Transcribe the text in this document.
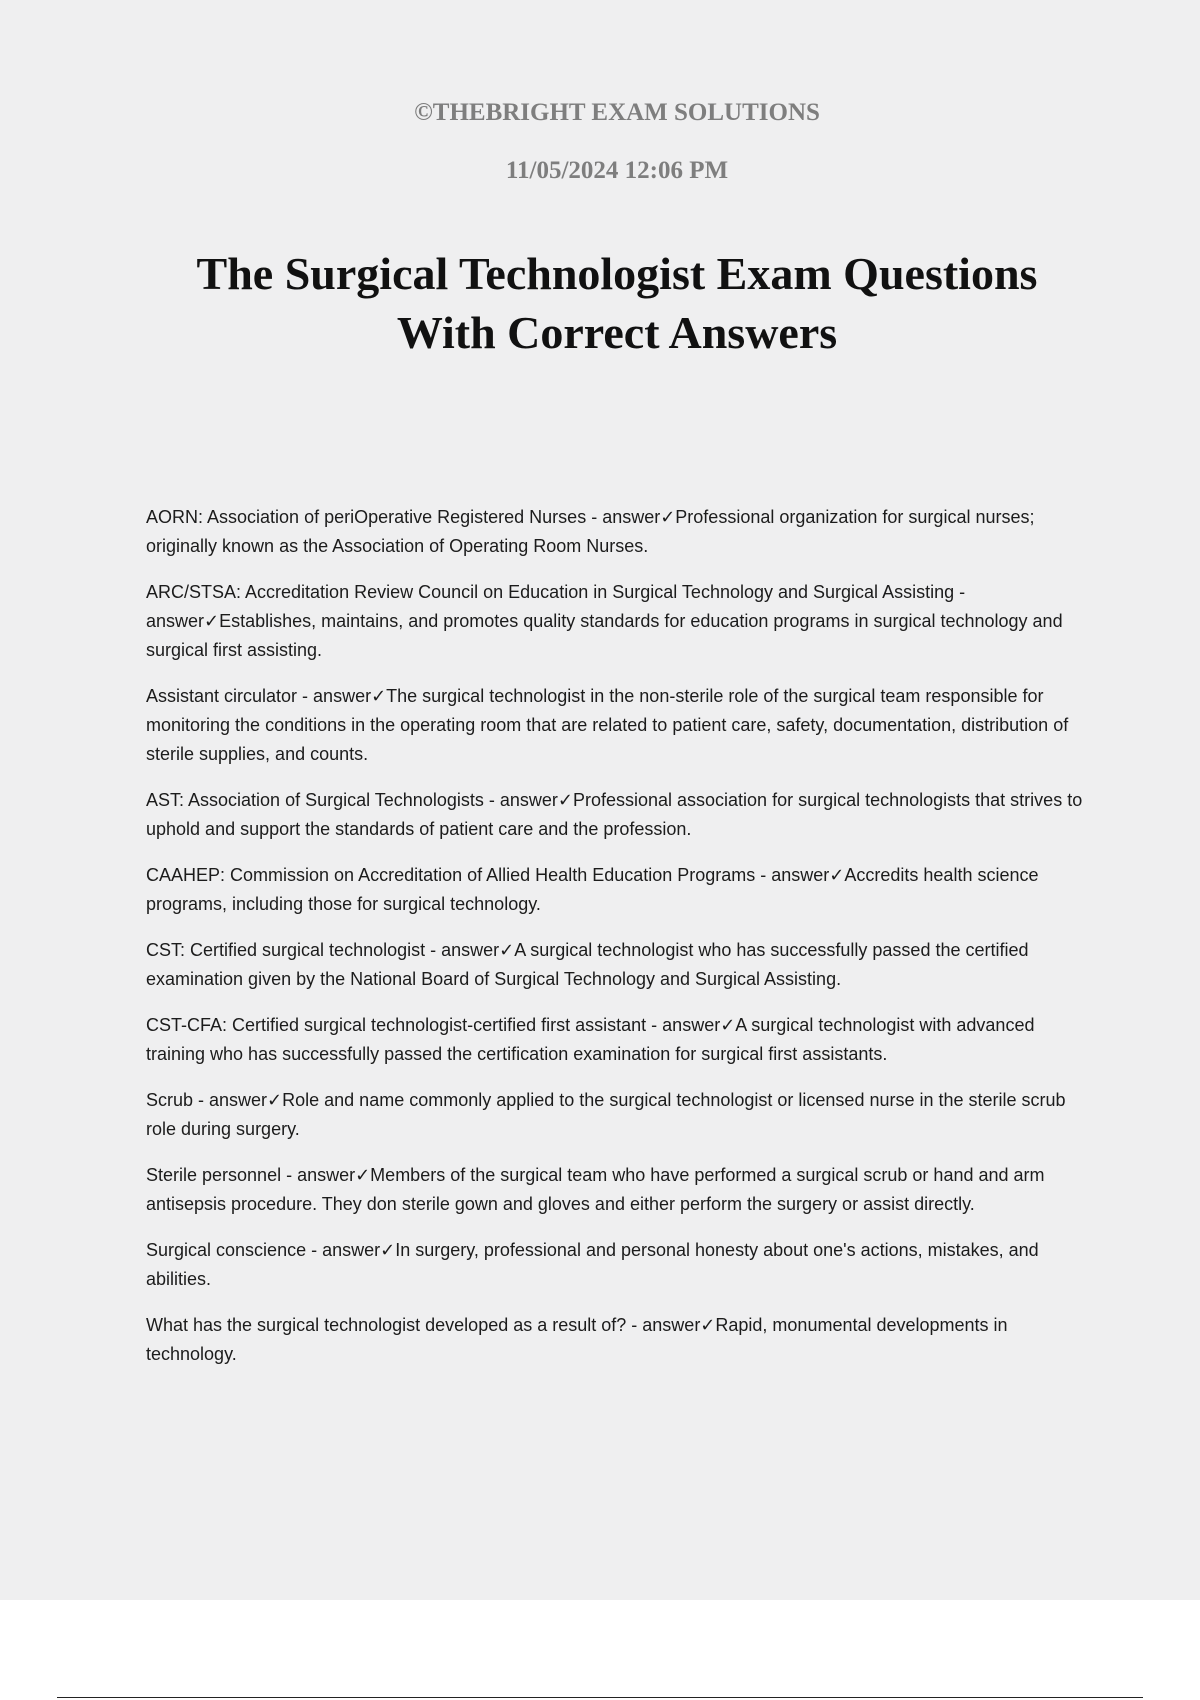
©THEBRIGHT EXAM SOLUTIONS
11/05/2024 12:06 PM
The Surgical Technologist Exam Questions
With Correct Answers

AORN: Association of periOperative Registered Nurses - answer✓Professional organization for surgical nurses; originally known as the Association of Operating Room Nurses.

ARC/STSA: Accreditation Review Council on Education in Surgical Technology and Surgical Assisting - answer✓Establishes, maintains, and promotes quality standards for education programs in surgical technology and surgical first assisting.

Assistant circulator - answer✓The surgical technologist in the non-sterile role of the surgical team responsible for monitoring the conditions in the operating room that are related to patient care, safety, documentation, distribution of sterile supplies, and counts.

AST: Association of Surgical Technologists - answer✓Professional association for surgical technologists that strives to uphold and support the standards of patient care and the profession.

CAAHEP: Commission on Accreditation of Allied Health Education Programs - answer✓Accredits health science programs, including those for surgical technology.

CST: Certified surgical technologist - answer✓A surgical technologist who has successfully passed the certified examination given by the National Board of Surgical Technology and Surgical Assisting.

CST-CFA: Certified surgical technologist-certified first assistant - answer✓A surgical technologist with advanced training who has successfully passed the certification examination for surgical first assistants.

Scrub - answer✓Role and name commonly applied to the surgical technologist or licensed nurse in the sterile scrub role during surgery.

Sterile personnel - answer✓Members of the surgical team who have performed a surgical scrub or hand and arm antisepsis procedure. They don sterile gown and gloves and either perform the surgery or assist directly.

Surgical conscience - answer✓In surgery, professional and personal honesty about one's actions, mistakes, and abilities.

What has the surgical technologist developed as a result of? - answer✓Rapid, monumental developments in technology.
